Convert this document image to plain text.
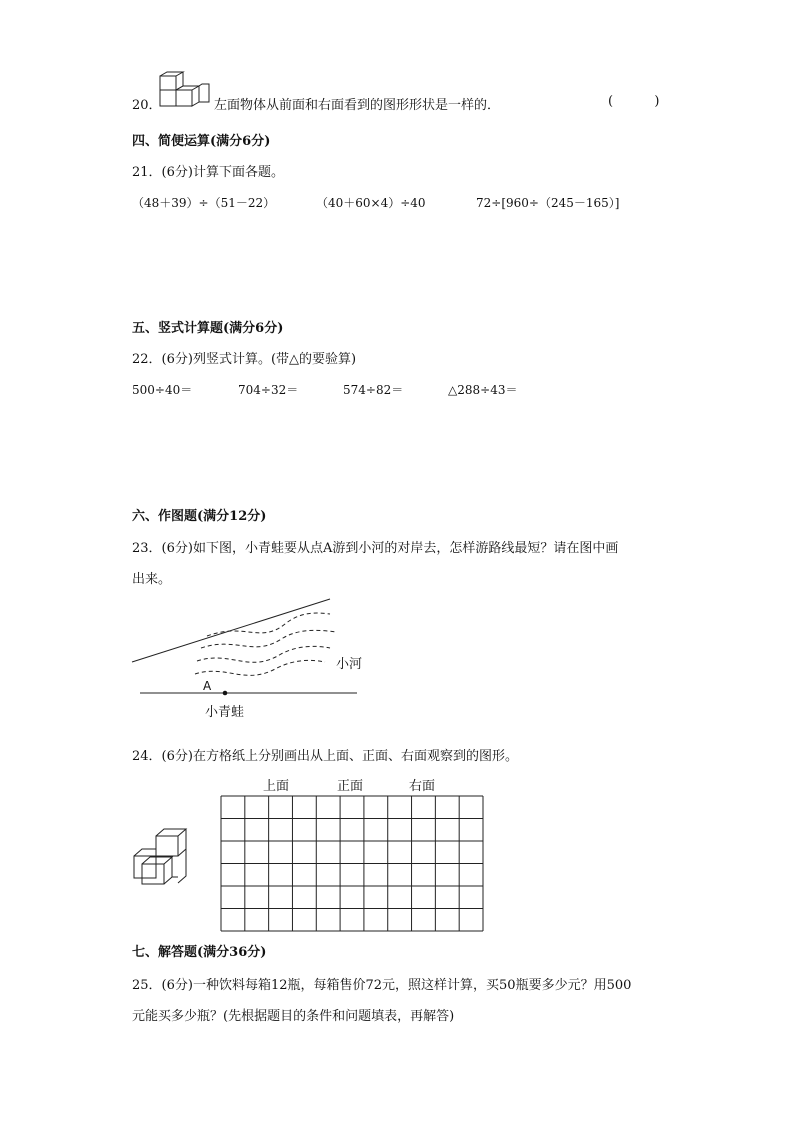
20．	左面物体从前面和右面看到的图形形状是一样的．	(          )
四、简便运算(满分6分)
21．(6分)计算下面各题。
（48＋39）÷（51－22）	（40＋60×4）÷40	72÷[960÷（245－165）]
五、竖式计算题(满分6分)
22．(6分)列竖式计算。(带△的要验算)
500÷40＝	704÷32＝	574÷82＝	△288÷43＝
六、作图题(满分12分)
23．(6分)如下图，小青蛙要从点A游到小河的对岸去，怎样游路线最短？请在图中画
出来。
A
小河
小青蛙
24．(6分)在方格纸上分别画出从上面、正面、右面观察到的图形。
上面	正面	右面
七、解答题(满分36分)
25．(6分)一种饮料每箱12瓶，每箱售价72元，照这样计算，买50瓶要多少元？用500
元能买多少瓶？(先根据题目的条件和问题填表，再解答)
